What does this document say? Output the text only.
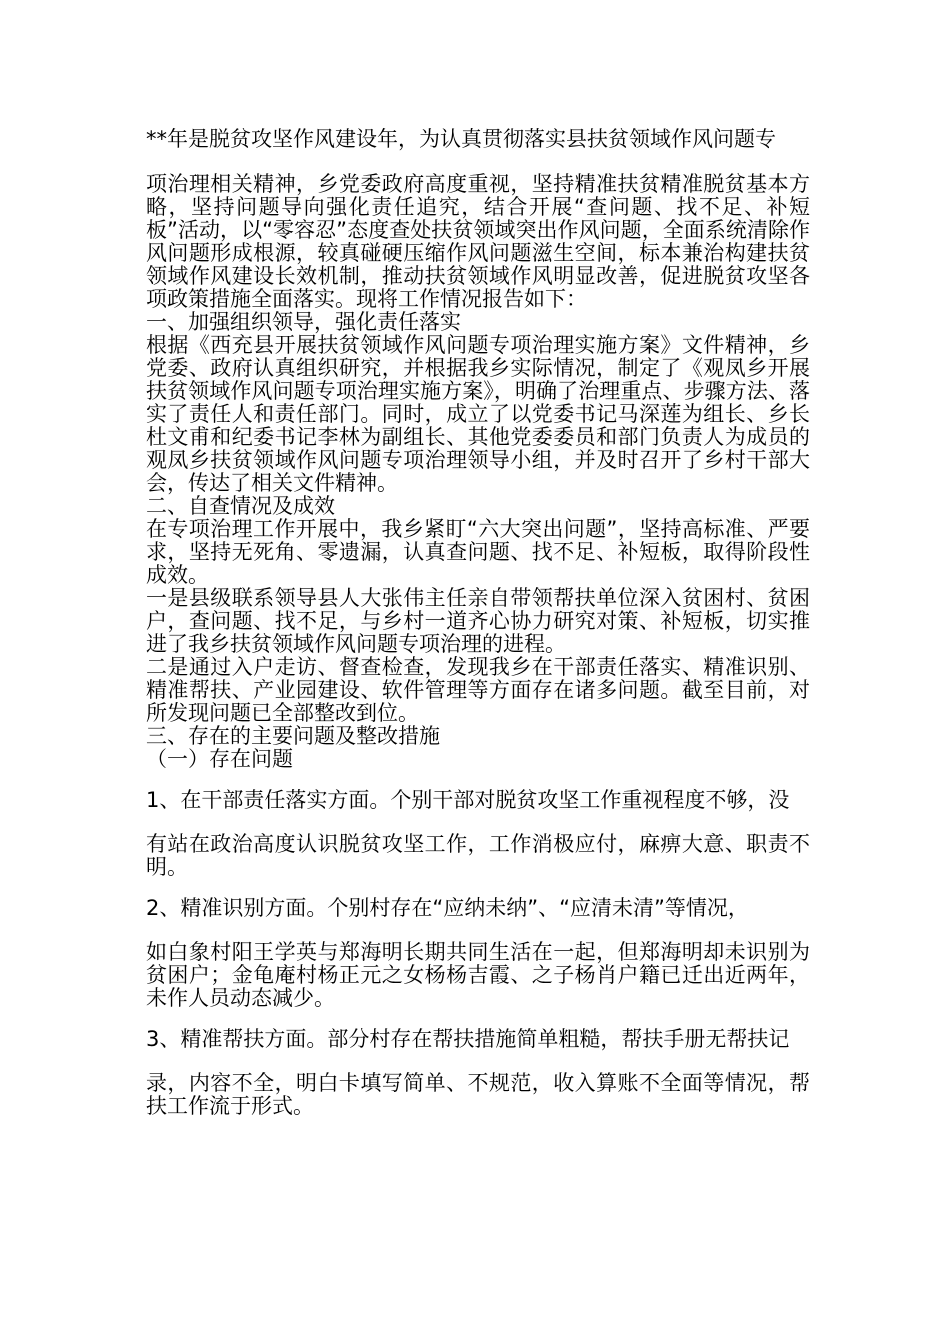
**年是脱贫攻坚作风建设年，为认真贯彻落实县扶贫领域作风问题专

项治理相关精神，乡党委政府高度重视，坚持精准扶贫精准脱贫基本方略，坚持问题导向强化责任追究，结合开展“查问题、找不足、补短板”活动，以“零容忍”态度查处扶贫领域突出作风问题，全面系统清除作风问题形成根源，较真碰硬压缩作风问题滋生空间，标本兼治构建扶贫领域作风建设长效机制，推动扶贫领域作风明显改善，促进脱贫攻坚各项政策措施全面落实。现将工作情况报告如下：

一、加强组织领导，强化责任落实

根据《西充县开展扶贫领域作风问题专项治理实施方案》文件精神，乡党委、政府认真组织研究，并根据我乡实际情况，制定了《观凤乡开展扶贫领域作风问题专项治理实施方案》，明确了治理重点、步骤方法、落实了责任人和责任部门。同时，成立了以党委书记马深莲为组长、乡长杜文甫和纪委书记李林为副组长、其他党委委员和部门负责人为成员的观凤乡扶贫领域作风问题专项治理领导小组，并及时召开了乡村干部大会，传达了相关文件精神。

二、自查情况及成效

在专项治理工作开展中，我乡紧盯“六大突出问题”，坚持高标准、严要求，坚持无死角、零遗漏，认真查问题、找不足、补短板，取得阶段性成效。

一是县级联系领导县人大张伟主任亲自带领帮扶单位深入贫困村、贫困户，查问题、找不足，与乡村一道齐心协力研究对策、补短板，切实推进了我乡扶贫领域作风问题专项治理的进程。

二是通过入户走访、督查检查，发现我乡在干部责任落实、精准识别、精准帮扶、产业园建设、软件管理等方面存在诸多问题。截至目前，对所发现问题已全部整改到位。

三、存在的主要问题及整改措施

（一）存在问题

1、在干部责任落实方面。个别干部对脱贫攻坚工作重视程度不够，没

有站在政治高度认识脱贫攻坚工作，工作消极应付，麻痹大意、职责不明。

2、精准识别方面。个别村存在“应纳未纳”、“应清未清”等情况，

如白象村阳王学英与郑海明长期共同生活在一起，但郑海明却未识别为贫困户；金龟庵村杨正元之女杨杨吉霞、之子杨肖户籍已迁出近两年，未作人员动态减少。

3、精准帮扶方面。部分村存在帮扶措施简单粗糙，帮扶手册无帮扶记

录，内容不全，明白卡填写简单、不规范，收入算账不全面等情况，帮扶工作流于形式。
